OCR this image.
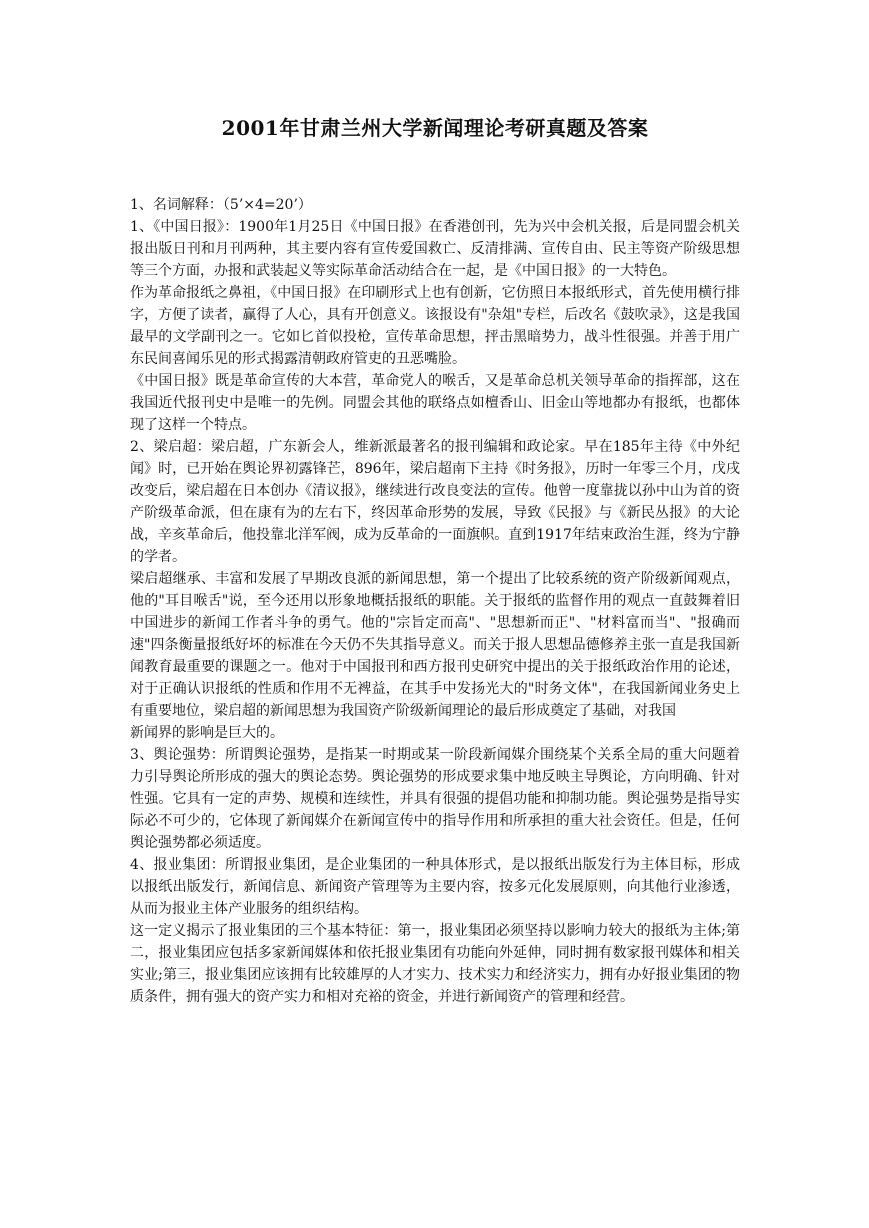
2001年甘肃兰州大学新闻理论考研真题及答案

1、名词解释：（5’×4=20’）

1、《中国日报》：1900年1月25日《中国日报》在香港创刊，先为兴中会机关报，后是同盟会机关报出版日刊和月刊两种，其主要内容有宣传爱国救亡、反清排满、宣传自由、民主等资产阶级思想等三个方面，办报和武装起义等实际革命活动结合在一起，是《中国日报》的一大特色。

作为革命报纸之鼻祖，《中国日报》在印刷形式上也有创新，它仿照日本报纸形式，首先使用横行排字，方便了读者，赢得了人心，具有开创意义。该报设有"杂俎"专栏，后改名《鼓吹录》，这是我国最早的文学副刊之一。它如匕首似投枪，宣传革命思想，抨击黑暗势力，战斗性很强。并善于用广东民间喜闻乐见的形式揭露清朝政府管吏的丑恶嘴脸。

《中国日报》既是革命宣传的大本营，革命党人的喉舌，又是革命总机关领导革命的指挥部，这在我国近代报刊史中是唯一的先例。同盟会其他的联络点如檀香山、旧金山等地都办有报纸，也都体现了这样一个特点。

2、梁启超：梁启超，广东新会人，维新派最著名的报刊编辑和政论家。早在185年主待《中外纪闻》时，已开始在舆论界初露锋芒，896年，梁启超南下主持《时务报》，历时一年零三个月，戊戌改变后，梁启超在日本创办《清议报》，继续进行改良变法的宣传。他曾一度靠拢以孙中山为首的资产阶级革命派，但在康有为的左右下，终因革命形势的发展，导致《民报》与《新民丛报》的大论战，辛亥革命后，他投靠北洋军阀，成为反革命的一面旗帜。直到1917年结束政治生涯，终为宁静的学者。

梁启超继承、丰富和发展了早期改良派的新闻思想，第一个提出了比较系统的资产阶级新闻观点，他的"耳目喉舌"说，至今还用以形象地概括报纸的职能。关于报纸的监督作用的观点一直鼓舞着旧中国进步的新闻工作者斗争的勇气。他的"宗旨定而高"、"思想新而正"、"材料富而当"、"报确而速"四条衡量报纸好坏的标准在今天仍不失其指导意义。而关于报人思想品德修养主张一直是我国新闻教育最重要的课题之一。他对于中国报刊和西方报刊史研究中提出的关于报纸政治作用的论述，对于正确认识报纸的性质和作用不无裨益，在其手中发扬光大的"时务文体"，在我国新闻业务史上有重要地位，梁启超的新闻思想为我国资产阶级新闻理论的最后形成奠定了基础，对我国

新闻界的影响是巨大的。

3、舆论强势：所谓舆论强势，是指某一时期或某一阶段新闻媒介围绕某个关系全局的重大问题着力引导舆论所形成的强大的舆论态势。舆论强势的形成要求集中地反映主导舆论，方向明确、针对性强。它具有一定的声势、规模和连续性，并具有很强的提倡功能和抑制功能。舆论强势是指导实际必不可少的，它体现了新闻媒介在新闻宣传中的指导作用和所承担的重大社会资任。但是，任何舆论强势都必须适度。

4、报业集团：所谓报业集团，是企业集团的一种具体形式，是以报纸出版发行为主体目标，形成以报纸出版发行，新闻信息、新闻资产管理等为主要内容，按多元化发展原则，向其他行业渗透，从而为报业主体产业服务的组织结构。

这一定义揭示了报业集团的三个基本特征：第一，报业集团必须坚持以影响力较大的报纸为主体;第二，报业集团应包括多家新闻媒体和依托报业集团有功能向外延伸，同时拥有数家报刊媒体和相关实业;第三，报业集团应该拥有比较雄厚的人才实力、技术实力和经济实力，拥有办好报业集团的物质条件，拥有强大的资产实力和相对充裕的资金，并进行新闻资产的管理和经营。
